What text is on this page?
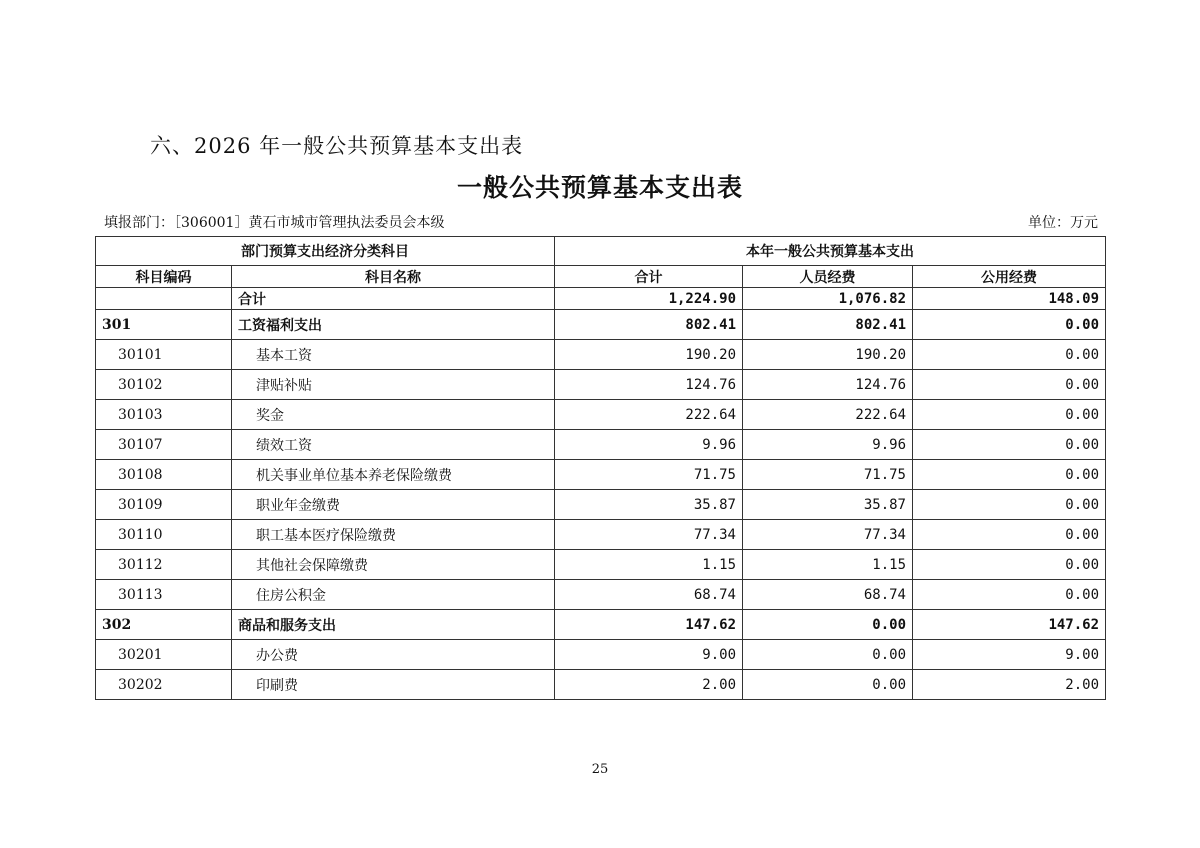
六、2026 年一般公共预算基本支出表
一般公共预算基本支出表
填报部门：［306001］黄石市城市管理执法委员会本级	单位：万元
部门预算支出经济分类科目		本年一般公共预算基本支出		
科目编码	科目名称	合计	人员经费	公用经费
	合计	1,224.90	1,076.82	148.09
301	工资福利支出	802.41	802.41	0.00
30101	基本工资	190.20	190.20	0.00
30102	津贴补贴	124.76	124.76	0.00
30103	奖金	222.64	222.64	0.00
30107	绩效工资	9.96	9.96	0.00
30108	机关事业单位基本养老保险缴费	71.75	71.75	0.00
30109	职业年金缴费	35.87	35.87	0.00
30110	职工基本医疗保险缴费	77.34	77.34	0.00
30112	其他社会保障缴费	1.15	1.15	0.00
30113	住房公积金	68.74	68.74	0.00
302	商品和服务支出	147.62	0.00	147.62
30201	办公费	9.00	0.00	9.00
30202	印刷费	2.00	0.00	2.00
25
